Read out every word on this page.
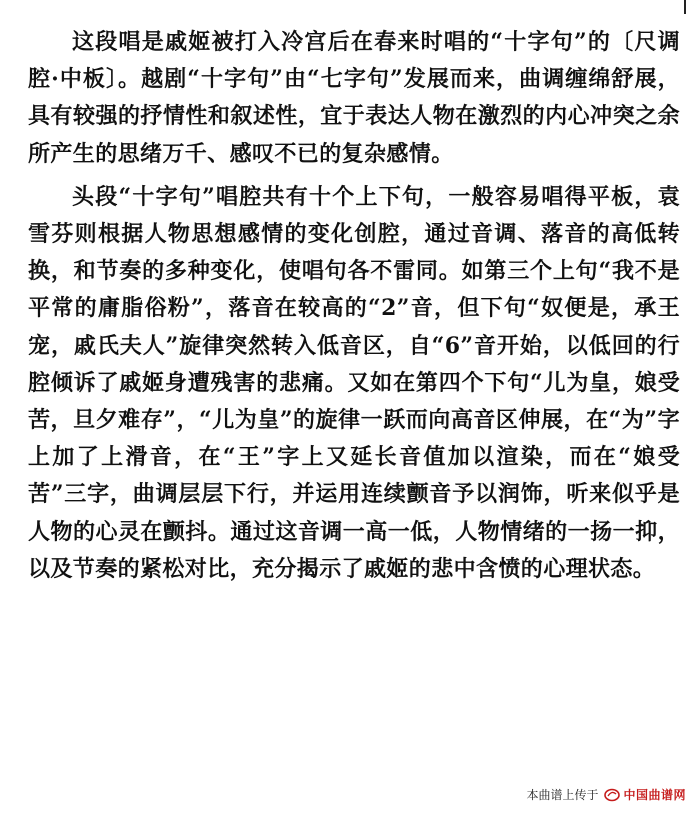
这段唱是戚姬被打入冷宫后在春来时唱的“十字句”的〔尺调腔·中板〕。越剧“十字句”由“七字句”发展而来，曲调缠绵舒展，具有较强的抒情性和叙述性，宜于表达人物在激烈的内心冲突之余所产生的思绪万千、感叹不已的复杂感情。

头段“十字句”唱腔共有十个上下句，一般容易唱得平板，袁雪芬则根据人物思想感情的变化创腔，通过音调、落音的高低转换，和节奏的多种变化，使唱句各不雷同。如第三个上句“我不是平常的庸脂俗粉”，落音在较高的“2”音，但下句“奴便是，承王宠，戚氏夫人”旋律突然转入低音区，自“6”音开始，以低回的行腔倾诉了戚姬身遭残害的悲痛。又如在第四个下句“儿为皇，娘受苦，旦夕难存”，“儿为皇”的旋律一跃而向高音区伸展，在“为”字上加了上滑音，在“王”字上又延长音值加以渲染，而在“娘受苦”三字，曲调层层下行，并运用连续颤音予以润饰，听来似乎是人物的心灵在颤抖。通过这音调一高一低，人物情绪的一扬一抑，以及节奏的紧松对比，充分揭示了戚姬的悲中含愤的心理状态。

本曲谱上传于 中国曲谱网
